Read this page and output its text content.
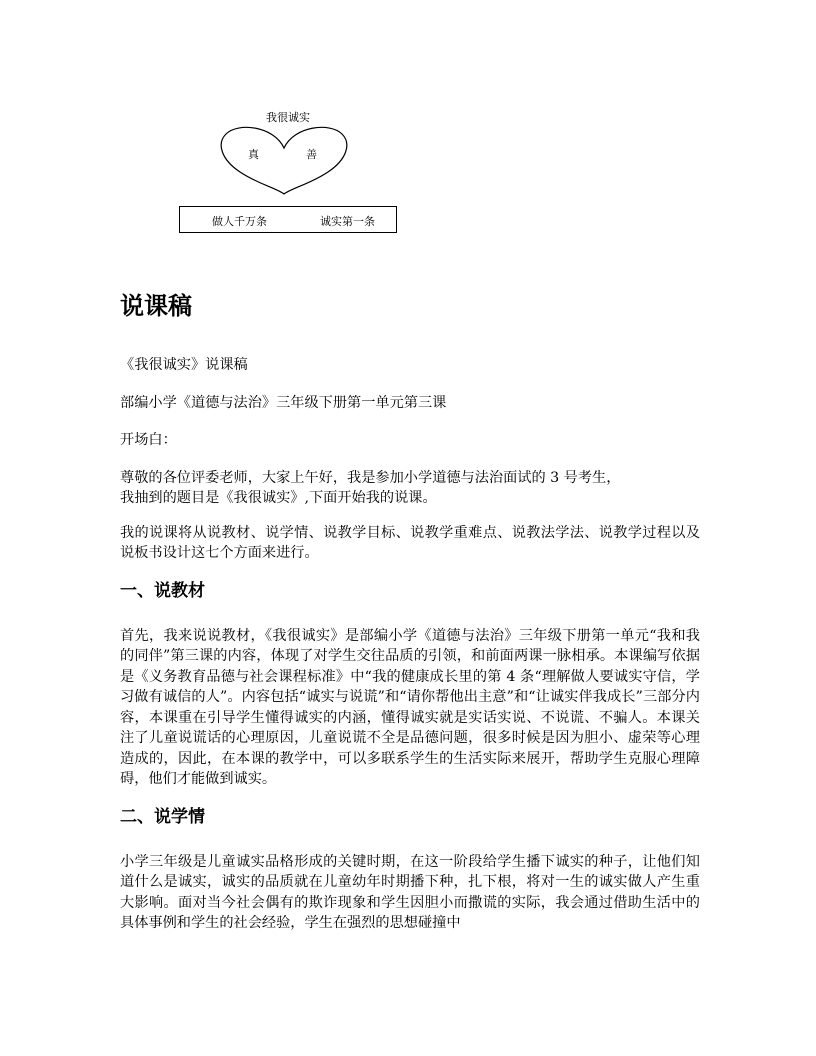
我很诚实
真	善
做人千万条	诚实第一条
说课稿

《我很诚实》说课稿

部编小学《道德与法治》三年级下册第一单元第三课

开场白：

尊敬的各位评委老师，大家上午好，我是参加小学道德与法治面试的 3 号考生，
我抽到的题目是《我很诚实》,下面开始我的说课。

我的说课将从说教材、说学情、说教学目标、说教学重难点、说教法学法、说教学过程以及说板书设计这七个方面来进行。

一、说教材

首先，我来说说教材，《我很诚实》是部编小学《道德与法治》三年级下册第一单元“我和我的同伴”第三课的内容，体现了对学生交往品质的引领，和前面两课一脉相承。本课编写依据是《义务教育品德与社会课程标准》中“我的健康成长里的第 4 条“理解做人要诚实守信，学习做有诚信的人”。内容包括“诚实与说谎”和“请你帮他出主意”和“让诚实伴我成长”三部分内容，本课重在引导学生懂得诚实的内涵，懂得诚实就是实话实说、不说谎、不骗人。本课关注了儿童说谎话的心理原因，儿童说谎不全是品德问题，很多时候是因为胆小、虚荣等心理造成的，因此，在本课的教学中，可以多联系学生的生活实际来展开，帮助学生克服心理障碍，他们才能做到诚实。

二、说学情

小学三年级是儿童诚实品格形成的关键时期，在这一阶段给学生播下诚实的种子，让他们知道什么是诚实，诚实的品质就在儿童幼年时期播下种，扎下根，将对一生的诚实做人产生重大影响。面对当今社会偶有的欺诈现象和学生因胆小而撒谎的实际，我会通过借助生活中的具体事例和学生的社会经验，学生在强烈的思想碰撞中
